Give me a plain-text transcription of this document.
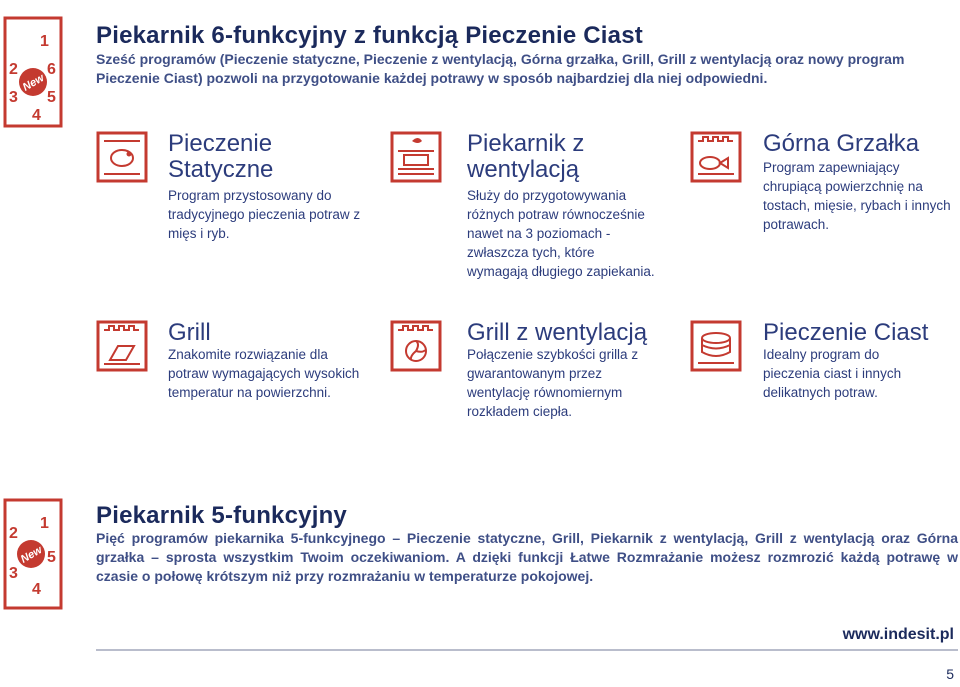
1
6
5
4
3
2
New
Piekarnik 6-funkcyjny z funkcją Pieczenie Ciast
Sześć programów (Pieczenie statyczne, Pieczenie z wentylacją, Górna grzałka, Grill, Grill z wentylacją oraz nowy program Pieczenie Ciast) pozwoli na przygotowanie każdej potrawy w sposób najbardziej dla niej odpowiedni.
Pieczenie Statyczne
Program przystosowany do tradycyjnego pieczenia potraw z mięs i ryb.
Piekarnik z wentylacją
Służy do przygotowywania różnych potraw równocześnie nawet na 3 poziomach - zwłaszcza tych, które wymagają długiego zapiekania.
Górna Grzałka
Program zapewniający chrupiącą powierzchnię na tostach, mięsie, rybach i innych potrawach.
Grill
Znakomite rozwiązanie dla potraw wymagających wysokich temperatur na powierzchni.
Grill z wentylacją
Połączenie szybkości grilla z gwarantowanym przez wentylację równomiernym rozkładem ciepła.
Pieczenie Ciast
Idealny program do pieczenia ciast i innych delikatnych potraw.
1
5
4
3
2
New
Piekarnik 5-funkcyjny
Pięć programów piekarnika 5-funkcyjnego – Pieczenie statyczne, Grill, Piekarnik z wentylacją, Grill z wentylacją oraz Górna grzałka – sprosta wszystkim Twoim oczekiwaniom. A dzięki funkcji Łatwe Rozmrażanie możesz rozmrozić każdą potrawę w czasie o połowę krótszym niż przy rozmrażaniu w temperaturze pokojowej.
www.indesit.pl
5
